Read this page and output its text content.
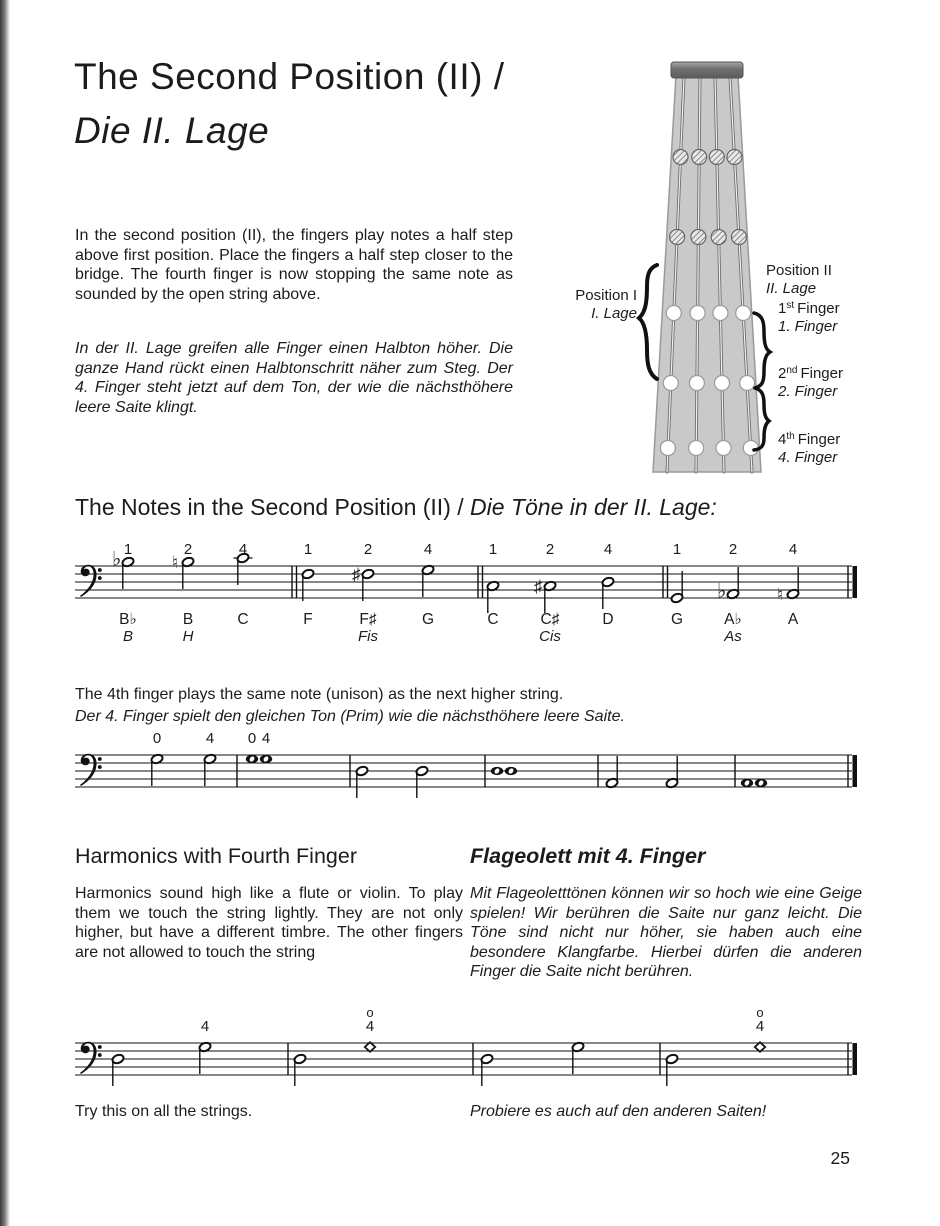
The Second Position (II) /
Die II. Lage
In the second position (II), the fingers play notes a half step above first position. Place the fingers a half step closer to the bridge. The fourth finger is now stopping the same note as sounded by the open string above.
In der II. Lage greifen alle Finger einen Halbton höher. Die ganze Hand rückt einen Halbtonschritt näher zum Steg. Der 4. Finger steht jetzt auf dem Ton, der wie die nächsthöhere leere Saite klingt.
Position I
I. Lage
Position II
II. Lage
1st Finger
1. Finger
2nd Finger
2. Finger
4th Finger
4. Finger
The Notes in the Second Position (II) / Die Töne in der II. Lage:
The 4th finger plays the same note (unison) as the next higher string.
Der 4. Finger spielt den gleichen Ton (Prim) wie die nächsthöhere leere Saite.
Harmonics with Fourth Finger	Flageolett mit 4. Finger
Harmonics sound high like a flute or violin. To play them we touch the string lightly. They are not only higher, but have a different timbre. The other fingers are not allowed to touch the string
Mit Flageoletttönen können wir so hoch wie eine Geige spielen! Wir berühren die Saite nur ganz leicht. Die Töne sind nicht nur höher, sie haben auch eine besondere Klangfarbe. Hierbei dürfen die anderen Finger die Saite nicht berühren.
Try this on all the strings.	Probiere es auch auf den anderen Saiten!
25
♭ 1
B♭
B
♮
2
B
H
4
C
1
F
♯
2
F♯
Fis
4
G
1
C
♯
2
C♯
Cis
4
D
1
G
♭
2
A♭
As
♮
4
A
0	4 0 4
4	4
o
4
o
